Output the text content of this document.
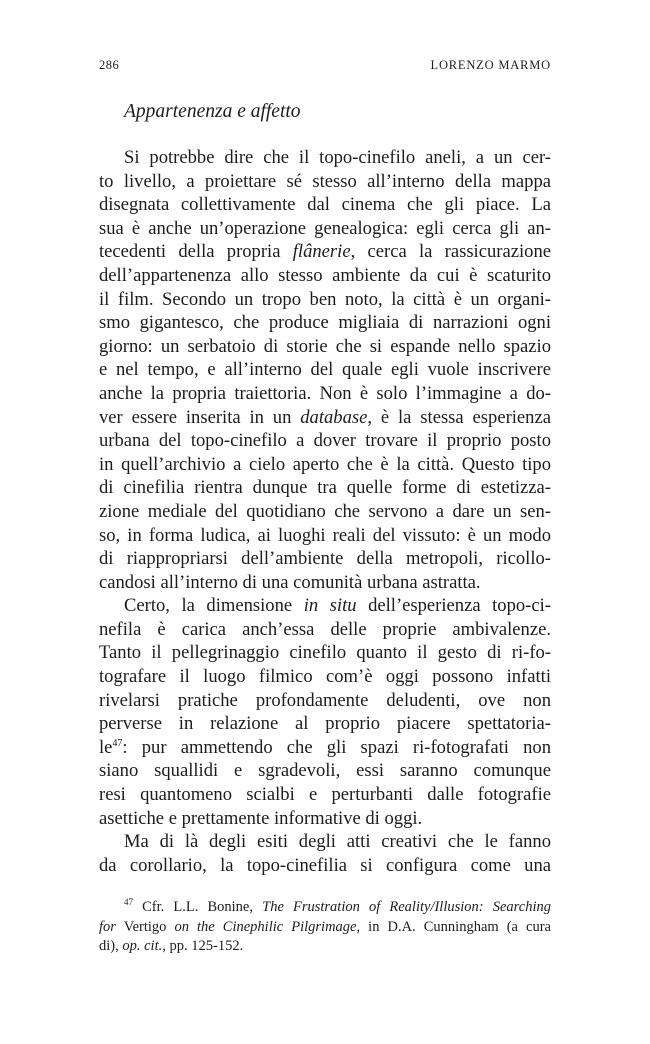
286	LORENZO MARMO
Appartenenza e affetto
Si potrebbe dire che il topo-cinefilo aneli, a un cer-
to livello, a proiettare sé stesso all’interno della mappa
disegnata collettivamente dal cinema che gli piace. La
sua è anche un’operazione genealogica: egli cerca gli an-
tecedenti della propria flânerie, cerca la rassicurazione
dell’appartenenza allo stesso ambiente da cui è scaturito
il film. Secondo un tropo ben noto, la città è un organi-
smo gigantesco, che produce migliaia di narrazioni ogni
giorno: un serbatoio di storie che si espande nello spazio
e nel tempo, e all’interno del quale egli vuole inscrivere
anche la propria traiettoria. Non è solo l’immagine a do-
ver essere inserita in un database, è la stessa esperienza
urbana del topo-cinefilo a dover trovare il proprio posto
in quell’archivio a cielo aperto che è la città. Questo tipo
di cinefilia rientra dunque tra quelle forme di estetizza-
zione mediale del quotidiano che servono a dare un sen-
so, in forma ludica, ai luoghi reali del vissuto: è un modo
di riappropriarsi dell’ambiente della metropoli, ricollo-
candosi all’interno di una comunità urbana astratta.
Certo, la dimensione in situ dell’esperienza topo-ci-
nefila è carica anch’essa delle proprie ambivalenze.
Tanto il pellegrinaggio cinefilo quanto il gesto di ri-fo-
tografare il luogo filmico com’è oggi possono infatti
rivelarsi pratiche profondamente deludenti, ove non
perverse in relazione al proprio piacere spettatoria-
$le^{47}$: pur ammettendo che gli spazi ri-fotografati non
siano squallidi e sgradevoli, essi saranno comunque
resi quantomeno scialbi e perturbanti dalle fotografie
asettiche e prettamente informative di oggi.
Ma di là degli esiti degli atti creativi che le fanno
da corollario, la topo-cinefilia si configura come una
$^{47}$ Cfr. L.L. Bonine, The Frustration of Reality/Illusion: Searching
for Vertigo on the Cinephilic Pilgrimage, in D.A. Cunningham (a cura
di), op. cit., pp. 125-152.
